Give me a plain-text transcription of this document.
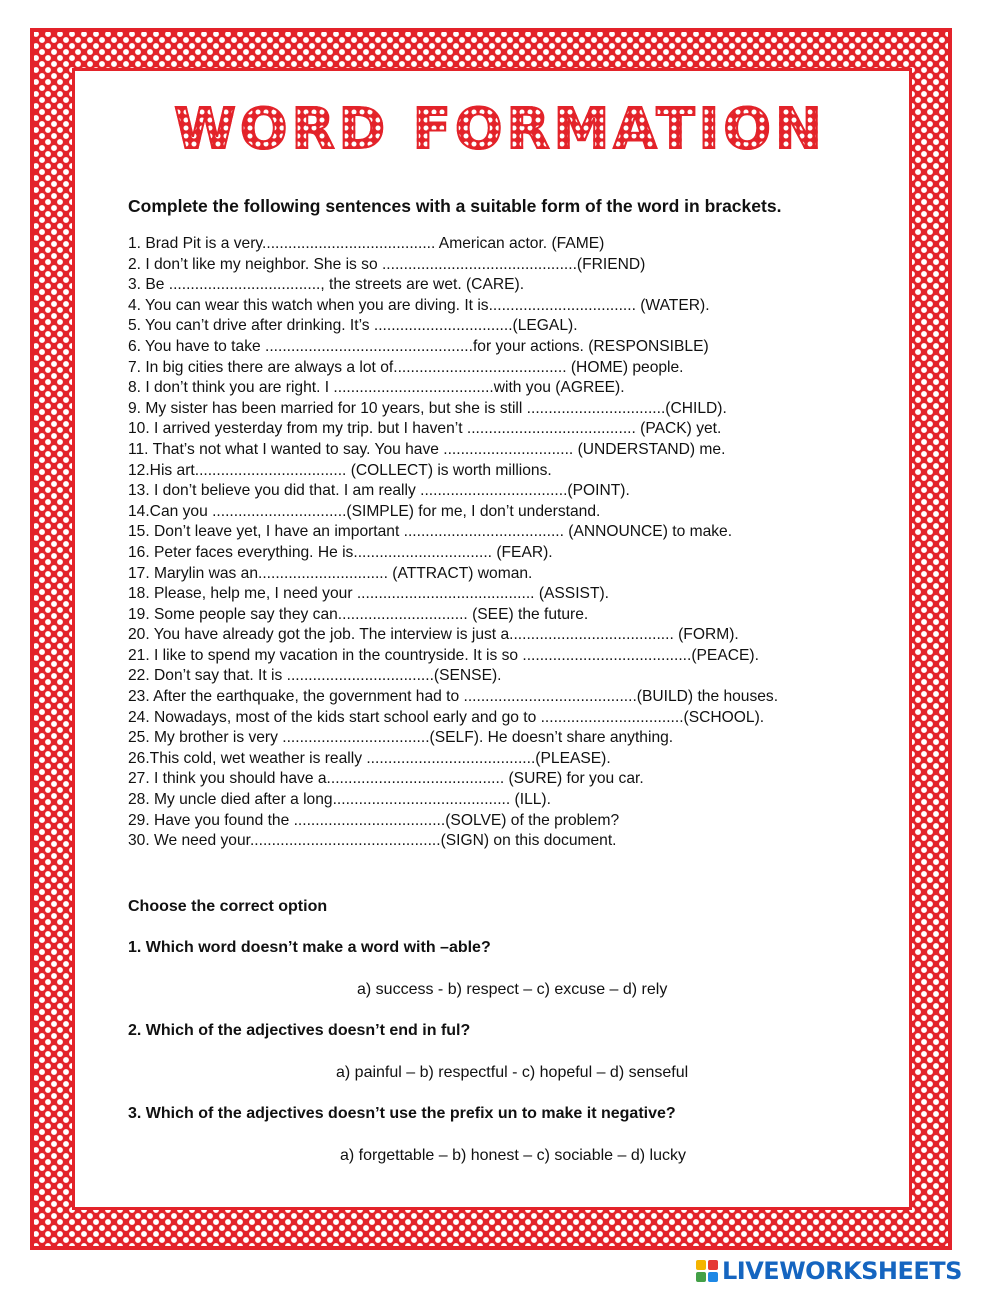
WORD FORMATION

Complete the following sentences with a suitable form of the word in brackets.

1. Brad Pit is a very........................................ American actor. (FAME)
2. I don’t like my neighbor. She is so .............................................(FRIEND)
3. Be ..................................., the streets are wet. (CARE).
4. You can wear this watch when you are diving. It is.................................. (WATER).
5. You can’t drive after drinking. It’s ................................(LEGAL).
6. You have to take ................................................for your actions. (RESPONSIBLE)
7. In big cities there are always a lot of........................................ (HOME) people.
8. I don’t think you are right. I .....................................with you (AGREE).
9. My sister has been married for 10 years, but she is still ................................(CHILD).
10. I arrived yesterday from my trip. but I haven’t ....................................... (PACK) yet.
11. That’s not what I wanted to say. You have .............................. (UNDERSTAND) me.
12.His art................................... (COLLECT) is worth millions.
13. I don’t believe you did that. I am really ..................................(POINT).
14.Can you ...............................(SIMPLE) for me, I don’t understand.
15. Don’t leave yet, I have an important ..................................... (ANNOUNCE) to make.
16. Peter faces everything. He is................................ (FEAR).
17. Marylin was an.............................. (ATTRACT) woman.
18. Please, help me, I need your ......................................... (ASSIST).
19. Some people say they can.............................. (SEE) the future.
20. You have already got the job. The interview is just a...................................... (FORM).
21. I like to spend my vacation in the countryside. It is so .......................................(PEACE).
22. Don’t say that. It is ..................................(SENSE).
23. After the earthquake, the government had to ........................................(BUILD) the houses.
24. Nowadays, most of the kids start school early and go to .................................(SCHOOL).
25. My brother is very ..................................(SELF). He doesn’t share anything.
26.This cold, wet weather is really .......................................(PLEASE).
27. I think you should have a......................................... (SURE) for you car.
28. My uncle died after a long......................................... (ILL).
29. Have you found the ...................................(SOLVE) of the problem?
30. We need your............................................(SIGN) on this document.

Choose the correct option

1. Which word doesn’t make a word with –able?

a) success - b) respect – c) excuse – d) rely

2. Which of the adjectives doesn’t end in ful?

a) painful – b) respectful - c) hopeful – d) senseful

3. Which of the adjectives doesn’t use the prefix un to make it negative?

a) forgettable – b) honest – c) sociable – d) lucky

LIVEWORKSHEETS
